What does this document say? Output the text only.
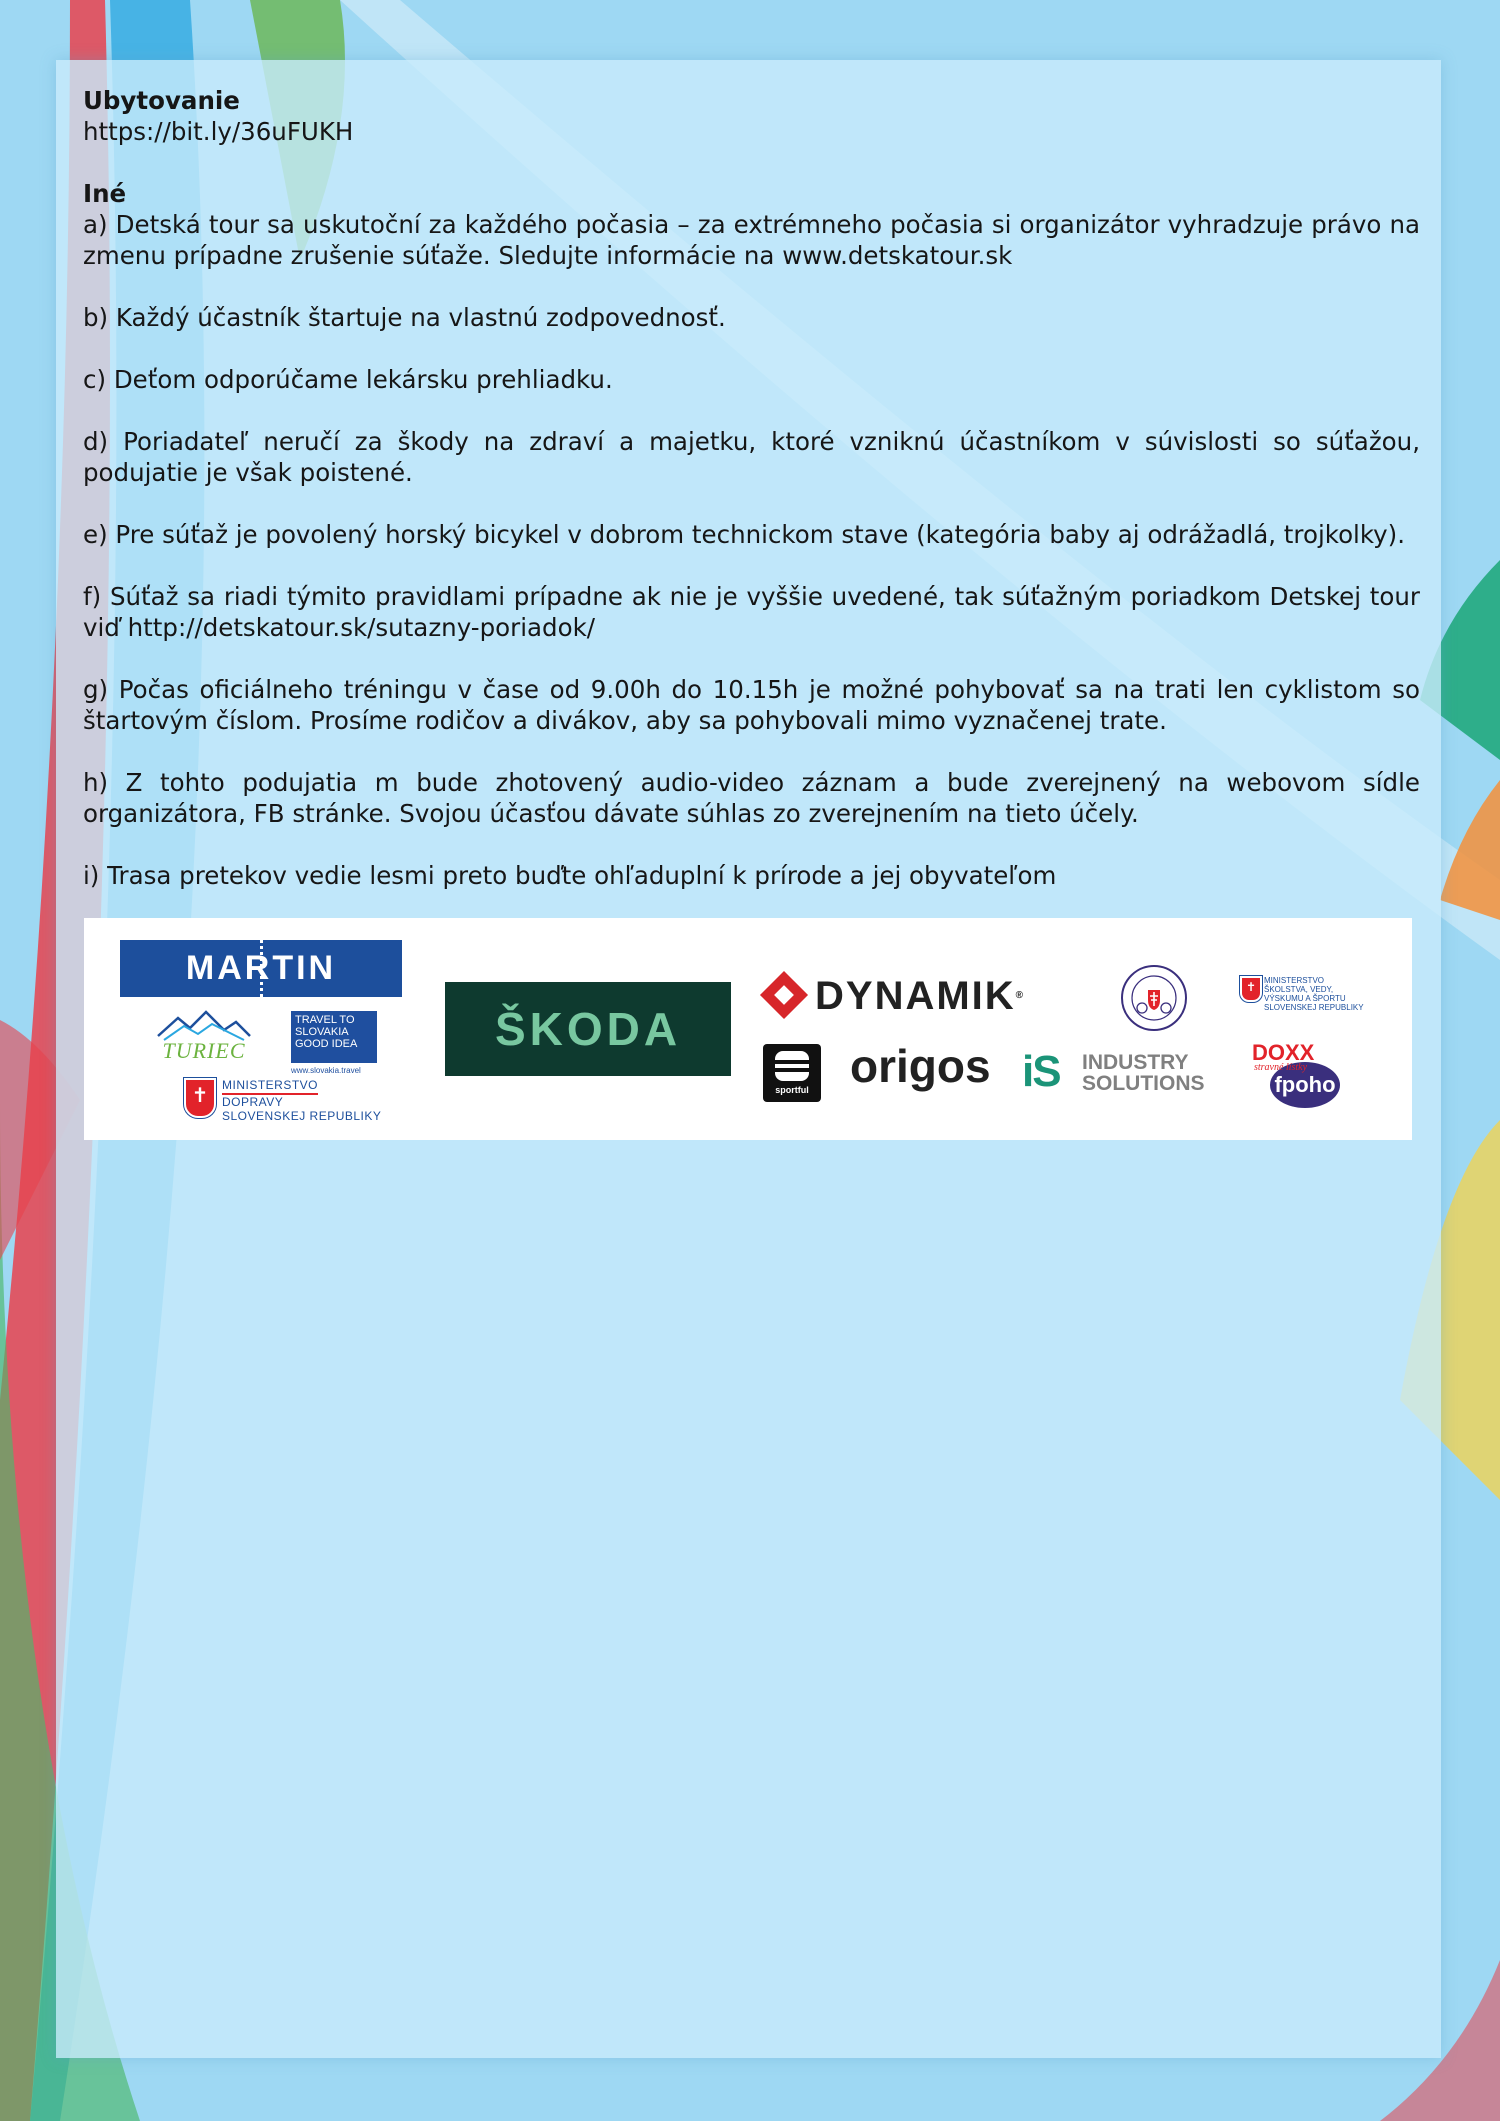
Ubytovanie

https://bit.ly/36uFUKH

Iné

a) Detská tour sa uskutoční za každého počasia – za extrémneho počasia si organizátor vyhradzuje právo na zmenu prípadne zrušenie súťaže. Sledujte informácie na www.detskatour.sk

b) Každý účastník štartuje na vlastnú zodpovednosť.

c) Deťom odporúčame lekársku prehliadku.

d) Poriadateľ neručí za škody na zdraví a majetku, ktoré vzniknú účastníkom v súvislosti so súťažou, podujatie je však poistené.

e) Pre súťaž je povolený horský bicykel v dobrom technickom stave (kategória baby aj odrážadlá, trojkolky).

f) Súťaž sa riadi týmito pravidlami prípadne ak nie je vyššie uvedené, tak súťažným poriadkom Detskej tour viď http://detskatour.sk/sutazny-poriadok/

g) Počas oficiálneho tréningu v čase od 9.00h do 10.15h je možné pohybovať sa na trati len cyklistom so štartovým číslom. Prosíme rodičov a divákov, aby sa pohybovali mimo vyznačenej trate.

h) Z tohto podujatia m bude zhotovený audio-video záznam a bude zverejnený na webovom sídle organizátora, FB stránke. Svojou účasťou dávate súhlas zo zverejnením na tieto účely.

i) Trasa pretekov vedie lesmi preto buďte ohľaduplní k prírode a jej obyvateľom

MARTIN
TURIEC
TRAVEL TO
SLOVAKIA
GOOD IDEA
www.slovakia.travel
✝	MINISTERSTVO
DOPRAVY
SLOVENSKEJ REPUBLIKY
ŠKODA
DYNAMIK®
✝ MINISTERSTVO
ŠKOLSTVA, VEDY,
VÝSKUMU A ŠPORTU
SLOVENSKEJ REPUBLIKY
sportful origos iS INDUSTRY
SOLUTIONS
DOXX
stravné lístky
fpoho
